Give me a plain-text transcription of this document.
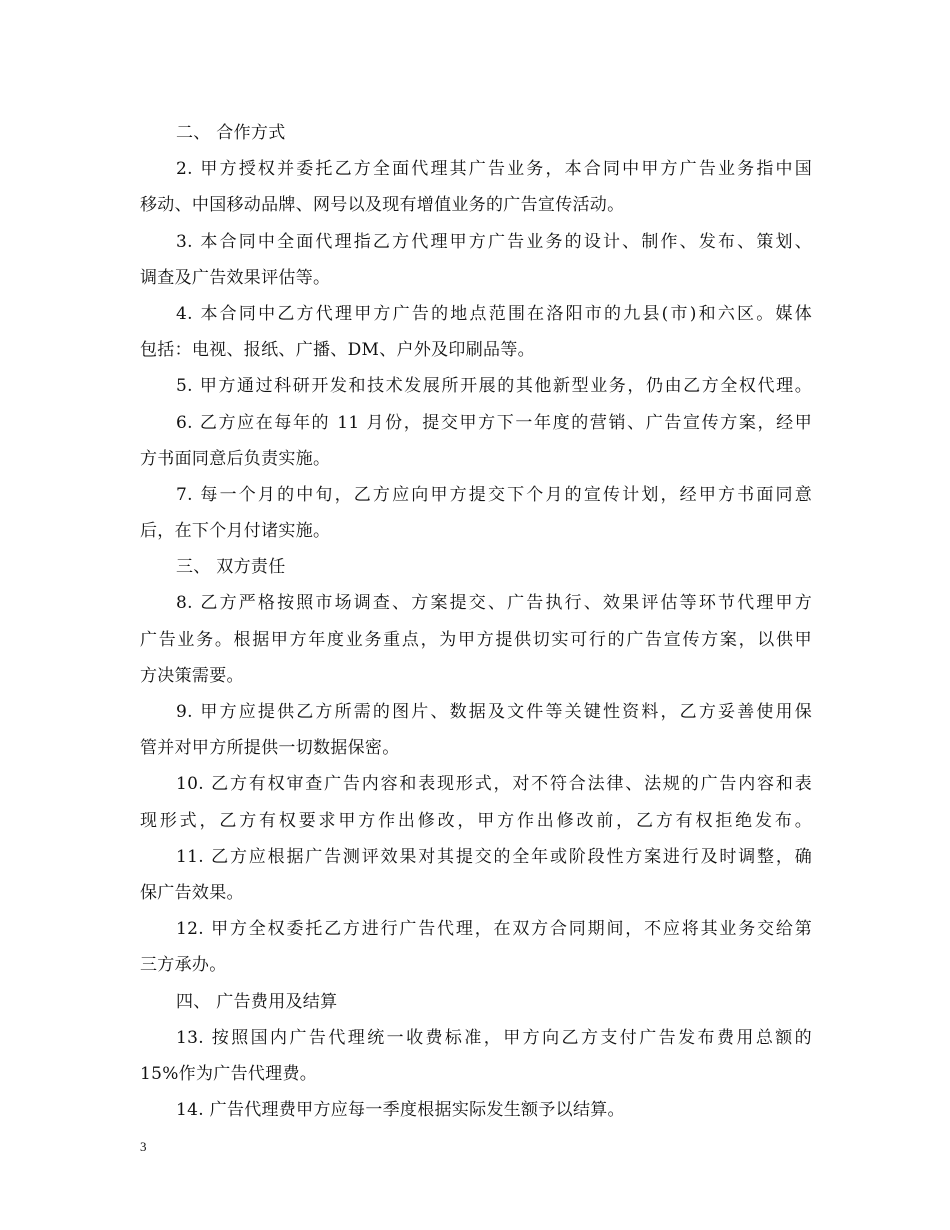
二、 合作方式
2. 甲方授权并委托乙方全面代理其广告业务，本合同中甲方广告业务指中国
移动、中国移动品牌、网号以及现有增值业务的广告宣传活动。
3. 本合同中全面代理指乙方代理甲方广告业务的设计、制作、发布、策划、
调查及广告效果评估等。
4. 本合同中乙方代理甲方广告的地点范围在洛阳市的九县(市)和六区。媒体
包括：电视、报纸、广播、DM、户外及印刷品等。
5. 甲方通过科研开发和技术发展所开展的其他新型业务，仍由乙方全权代理。
6. 乙方应在每年的 11 月份，提交甲方下一年度的营销、广告宣传方案，经甲
方书面同意后负责实施。
7. 每一个月的中旬，乙方应向甲方提交下个月的宣传计划，经甲方书面同意
后，在下个月付诸实施。
三、 双方责任
8. 乙方严格按照市场调查、方案提交、广告执行、效果评估等环节代理甲方
广告业务。根据甲方年度业务重点，为甲方提供切实可行的广告宣传方案，以供甲
方决策需要。
9. 甲方应提供乙方所需的图片、数据及文件等关键性资料，乙方妥善使用保
管并对甲方所提供一切数据保密。
10. 乙方有权审查广告内容和表现形式，对不符合法律、法规的广告内容和表
现形式，乙方有权要求甲方作出修改，甲方作出修改前，乙方有权拒绝发布。
11. 乙方应根据广告测评效果对其提交的全年或阶段性方案进行及时调整，确
保广告效果。
12. 甲方全权委托乙方进行广告代理，在双方合同期间，不应将其业务交给第
三方承办。
四、 广告费用及结算
13. 按照国内广告代理统一收费标准，甲方向乙方支付广告发布费用总额的
15%作为广告代理费。
14. 广告代理费甲方应每一季度根据实际发生额予以结算。
3
